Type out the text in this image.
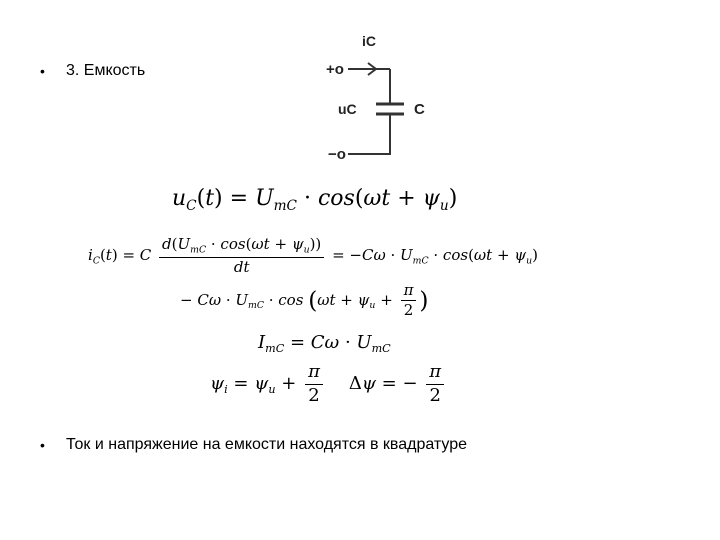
•	3. Емкость
iC
+o
−o
uC	C
$u_C(t) = U_{mC} \cdot \cos(\omega t + \psi_u)$
$i_C(t) = C \frac{d(U_{mC} \cdot \cos(\omega t + \psi_u))}{dt} = -C\omega \cdot U_{mC} \cdot \cos(\omega t + \psi_u)$
− $C\omega \cdot U_{mC} \cdot \cos (\omega t + \psi_u + \frac{\pi}{2}$ )
$I_{mC} = C\omega \cdot U_{mC}$
$\psi_i = \psi_u + \frac{\pi}{2}$ Δψ = − $\frac{\pi}{2}$
•	Ток и напряжение на емкости находятся в квадратуре
